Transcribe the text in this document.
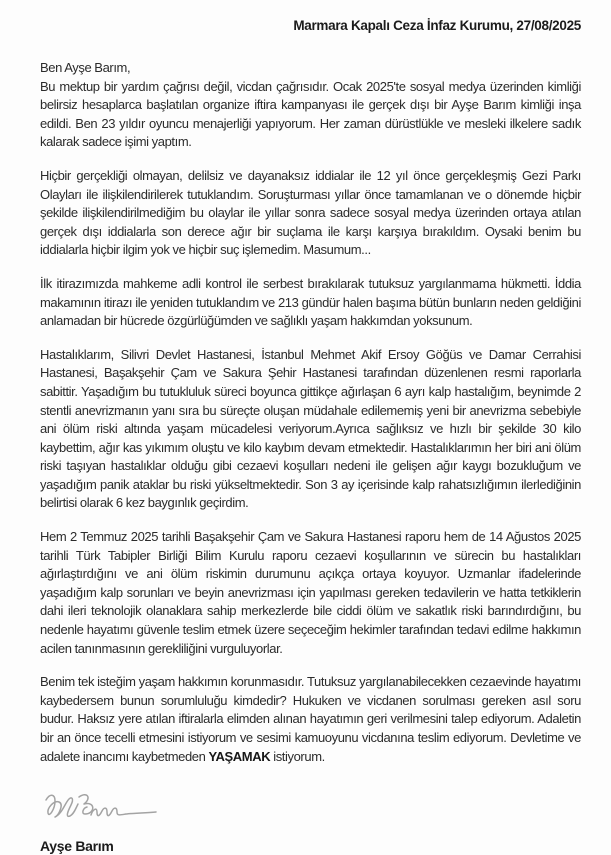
Marmara Kapalı Ceza İnfaz Kurumu, 27/08/2025

Ben Ayşe Barım,

Bu mektup bir yardım çağrısı değil, vicdan çağrısıdır. Ocak 2025'te sosyal medya üzerinden kimliği belirsiz hesaplarca başlatılan organize iftira kampanyası ile gerçek dışı bir Ayşe Barım kimliği inşa edildi. Ben 23 yıldır oyuncu menajerliği yapıyorum. Her zaman dürüstlükle ve mesleki ilkelere sadık kalarak sadece işimi yaptım.

Hiçbir gerçekliği olmayan, delilsiz ve dayanaksız iddialar ile 12 yıl önce gerçekleşmiş Gezi Parkı Olayları ile ilişkilendirilerek tutuklandım. Soruşturması yıllar önce tamamlanan ve o dönemde hiçbir şekilde ilişkilendirilmediğim bu olaylar ile yıllar sonra sadece sosyal medya üzerinden ortaya atılan gerçek dışı iddialarla son derece ağır bir suçlama ile karşı karşıya bırakıldım. Oysaki benim bu iddialarla hiçbir ilgim yok ve hiçbir suç işlemedim. Masumum...

İlk itirazımızda mahkeme adli kontrol ile serbest bırakılarak tutuksuz yargılanmama hükmetti. İddia makamının itirazı ile yeniden tutuklandım ve 213 gündür halen başıma bütün bunların neden geldiğini anlamadan bir hücrede özgürlüğümden ve sağlıklı yaşam hakkımdan yoksunum.

Hastalıklarım, Silivri Devlet Hastanesi, İstanbul Mehmet Akif Ersoy Göğüs ve Damar Cerrahisi Hastanesi, Başakşehir Çam ve Sakura Şehir Hastanesi tarafından düzenlenen resmi raporlarla sabittir. Yaşadığım bu tutukluluk süreci boyunca gittikçe ağırlaşan 6 ayrı kalp hastalığım, beynimde 2 stentli anevrizmanın yanı sıra bu süreçte oluşan müdahale edilememiş yeni bir anevrizma sebebiyle ani ölüm riski altında yaşam mücadelesi veriyorum.Ayrıca sağlıksız ve hızlı bir şekilde 30 kilo kaybettim, ağır kas yıkımım oluştu ve kilo kaybım devam etmektedir. Hastalıklarımın her biri ani ölüm riski taşıyan hastalıklar olduğu gibi cezaevi koşulları nedeni ile gelişen ağır kaygı bozukluğum ve yaşadığım panik ataklar bu riski yükseltmektedir. Son 3 ay içerisinde kalp rahatsızlığımın ilerlediğinin belirtisi olarak 6 kez baygınlık geçirdim.

Hem 2 Temmuz 2025 tarihli Başakşehir Çam ve Sakura Hastanesi raporu hem de 14 Ağustos 2025 tarihli Türk Tabipler Birliği Bilim Kurulu raporu cezaevi koşullarının ve sürecin bu hastalıkları ağırlaştırdığını ve ani ölüm riskimin durumunu açıkça ortaya koyuyor. Uzmanlar ifadelerinde yaşadığım kalp sorunları ve beyin anevrizması için yapılması gereken tedavilerin ve hatta tetkiklerin dahi ileri teknolojik olanaklara sahip merkezlerde bile ciddi ölüm ve sakatlık riski barındırdığını, bu nedenle hayatımı güvenle teslim etmek üzere seçeceğim hekimler tarafından tedavi edilme hakkımın acilen tanınmasının gerekliliğini vurguluyorlar.

Benim tek isteğim yaşam hakkımın korunmasıdır. Tutuksuz yargılanabilecekken cezaevinde hayatımı kaybedersem bunun sorumluluğu kimdedir? Hukuken ve vicdanen sorulması gereken asıl soru budur. Haksız yere atılan iftiralarla elimden alınan hayatımın geri verilmesini talep ediyorum. Adaletin bir an önce tecelli etmesini istiyorum ve sesimi kamuoyunu vicdanına teslim ediyorum. Devletime ve adalete inancımı kaybetmeden YAŞAMAK istiyorum.

Ayşe Barım
